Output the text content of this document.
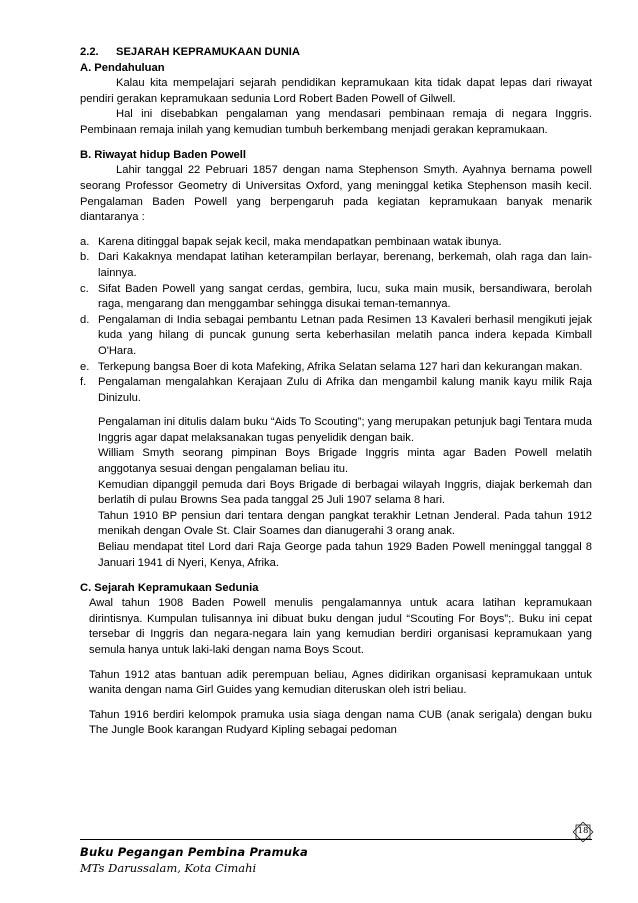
2.2.	SEJARAH KEPRAMUKAAN DUNIA
A. Pendahuluan

Kalau kita mempelajari sejarah pendidikan kepramukaan kita tidak dapat lepas dari riwayat pendiri gerakan kepramukaan sedunia Lord Robert Baden Powell of Gilwell.

Hal ini disebabkan pengalaman yang mendasari pembinaan remaja di negara Inggris. Pembinaan remaja inilah yang kemudian tumbuh berkembang menjadi gerakan kepramukaan.

B. Riwayat hidup Baden Powell

Lahir tanggal 22 Pebruari 1857 dengan nama Stephenson Smyth. Ayahnya bernama powell seorang Professor Geometry di Universitas Oxford, yang meninggal ketika Stephenson masih kecil. Pengalaman Baden Powell yang berpengaruh pada kegiatan kepramukaan banyak menarik diantaranya :

a. Karena ditinggal bapak sejak kecil, maka mendapatkan pembinaan watak ibunya.
b. Dari Kakaknya mendapat latihan keterampilan berlayar, berenang, berkemah, olah raga dan lain-lainnya.
c. Sifat Baden Powell yang sangat cerdas, gembira, lucu, suka main musik, bersandiwara, berolah raga, mengarang dan menggambar sehingga disukai teman-temannya.
d. Pengalaman di India sebagai pembantu Letnan pada Resimen 13 Kavaleri berhasil mengikuti jejak kuda yang hilang di puncak gunung serta keberhasilan melatih panca indera kepada Kimball O'Hara.
e. Terkepung bangsa Boer di kota Mafeking, Afrika Selatan selama 127 hari dan kekurangan makan.
f.	Pengalaman mengalahkan Kerajaan Zulu di Afrika dan mengambil kalung manik kayu milik Raja Dinizulu.

Pengalaman ini ditulis dalam buku “Aids To Scouting”; yang merupakan petunjuk bagi Tentara muda Inggris agar dapat melaksanakan tugas penyelidik dengan baik.

William Smyth seorang pimpinan Boys Brigade Inggris minta agar Baden Powell melatih anggotanya sesuai dengan pengalaman beliau itu.

Kemudian dipanggil pemuda dari Boys Brigade di berbagai wilayah Inggris, diajak berkemah dan berlatih di pulau Browns Sea pada tanggal 25 Juli 1907 selama 8 hari.

Tahun 1910 BP pensiun dari tentara dengan pangkat terakhir Letnan Jenderal. Pada tahun 1912 menikah dengan Ovale St. Clair Soames dan dianugerahi 3 orang anak.

Beliau mendapat titel Lord dari Raja George pada tahun 1929 Baden Powell meninggal tanggal 8 Januari 1941 di Nyeri, Kenya, Afrika.

C. Sejarah Kepramukaan Sedunia

Awal tahun 1908 Baden Powell menulis pengalamannya untuk acara latihan kepramukaan dirintisnya. Kumpulan tulisannya ini dibuat buku dengan judul “Scouting For Boys”;. Buku ini cepat tersebar di Inggris dan negara-negara lain yang kemudian berdiri organisasi kepramukaan yang semula hanya untuk laki-laki dengan nama Boys Scout.

Tahun 1912 atas bantuan adik perempuan beliau, Agnes didirikan organisasi kepramukaan untuk wanita dengan nama Girl Guides yang kemudian diteruskan oleh istri beliau.

Tahun 1916 berdiri kelompok pramuka usia siaga dengan nama CUB (anak serigala) dengan buku The Jungle Book karangan Rudyard Kipling sebagai pedoman

Buku Pegangan Pembina Pramuka
MTs Darussalam, Kota Cimahi
18
